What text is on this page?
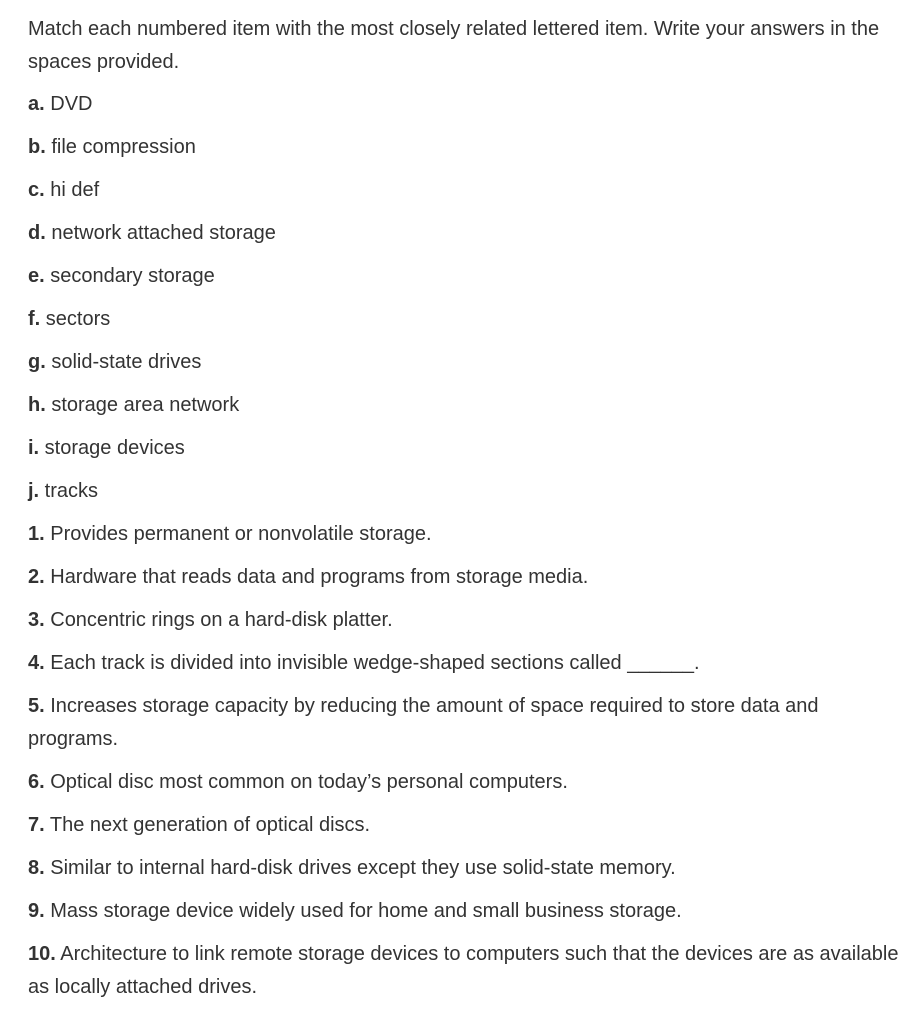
Match each numbered item with the most closely related lettered item. Write your answers in the spaces provided.

a. DVD

b. file compression

c. hi def

d. network attached storage

e. secondary storage

f. sectors

g. solid-state drives

h. storage area network

i. storage devices

j. tracks

1. Provides permanent or nonvolatile storage.

2. Hardware that reads data and programs from storage media.

3. Concentric rings on a hard-disk platter.

4. Each track is divided into invisible wedge-shaped sections called ______.

5. Increases storage capacity by reducing the amount of space required to store data and programs.

6. Optical disc most common on today’s personal computers.

7. The next generation of optical discs.

8. Similar to internal hard-disk drives except they use solid-state memory.

9. Mass storage device widely used for home and small business storage.

10. Architecture to link remote storage devices to computers such that the devices are as available as locally attached drives.
